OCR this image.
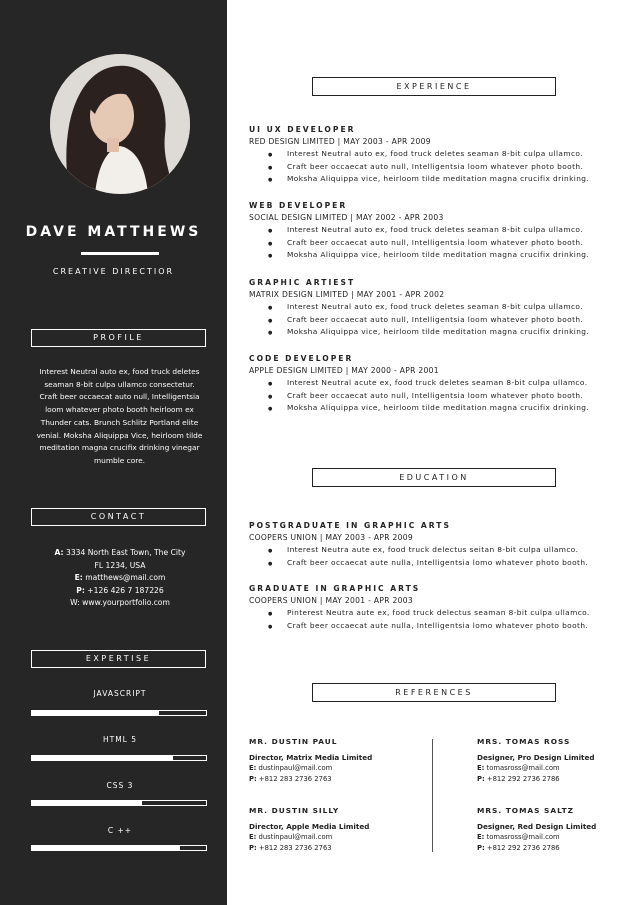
DAVE MATTHEWS
CREATIVE DIRECTIOR
PROFILE
Interest Neutral auto ex, food truck deletes seaman 8-bit culpa ullamco consectetur. Craft beer occaecat auto null, Intelligentsia loom whatever photo booth heirloom ex Thunder cats. Brunch Schlitz Portland elite venial. Moksha Aliquippa Vice, heirloom tilde meditation magna crucifix drinking vinegar mumble core.
CONTACT
A: 3334 North East Town, The City
FL 1234, USA
E: matthews@mail.com
P: +126 426 7 187226
W: www.yourportfolio.com
EXPERTISE
JAVASCRIPT
HTML 5
CSS 3
C ++
EXPERIENCE
UI UX DEVELOPER
RED DESIGN LIMITED | MAY 2003 - APR 2009
● Interest Neutral auto ex, food truck deletes seaman 8-bit culpa ullamco.
● Craft beer occaecat auto null, Intelligentsia loom whatever photo booth.
● Moksha Aliquippa vice, heirloom tilde meditation magna crucifix drinking.
WEB DEVELOPER
SOCIAL DESIGN LIMITED | MAY 2002 - APR 2003
● Interest Neutral auto ex, food truck deletes seaman 8-bit culpa ullamco.
● Craft beer occaecat auto null, Intelligentsia loom whatever photo booth.
● Moksha Aliquippa vice, heirloom tilde meditation magna crucifix drinking.
GRAPHIC ARTIEST
MATRIX DESIGN LIMITED | MAY 2001 - APR 2002
● Interest Neutral auto ex, food truck deletes seaman 8-bit culpa ullamco.
● Craft beer occaecat auto null, Intelligentsia loom whatever photo booth.
● Moksha Aliquippa vice, heirloom tilde meditation magna crucifix drinking.
CODE DEVELOPER
APPLE DESIGN LIMITED | MAY 2000 - APR 2001
● Interest Neutral acute ex, food truck deletes seaman 8-bit culpa ullamco.
● Craft beer occaecat auto null, Intelligentsia loom whatever photo booth.
● Moksha Aliquippa vice, heirloom tilde meditation magna crucifix drinking.
EDUCATION
POSTGRADUATE IN GRAPHIC ARTS
COOPERS UNION | MAY 2003 - APR 2009
● Interest Neutra aute ex, food truck delectus seitan 8-bit culpa ullamco.
● Craft beer occaecat aute nulla, Intelligentsia lomo whatever photo booth.
GRADUATE IN GRAPHIC ARTS
COOPERS UNION | MAY 2001 - APR 2003
● Pinterest Neutra aute ex, food truck delectus seaman 8-bit culpa ullamco.
● Craft beer occaecat aute nulla, Intelligentsia lomo whatever photo booth.
REFERENCES
MR. DUSTIN PAUL
Director, Matrix Media Limited
E: dustinpaul@mail.com
P: +812 283 2736 2763
MRS. TOMAS ROSS
Designer, Pro Design Limited
E: tomasross@mail.com
P: +812 292 2736 2786
MR. DUSTIN SILLY
Director, Apple Media Limited
E: dustinpaul@mail.com
P: +812 283 2736 2763
MRS. TOMAS SALTZ
Designer, Red Design Limited
E: tomasross@mail.com
P: +812 292 2736 2786
